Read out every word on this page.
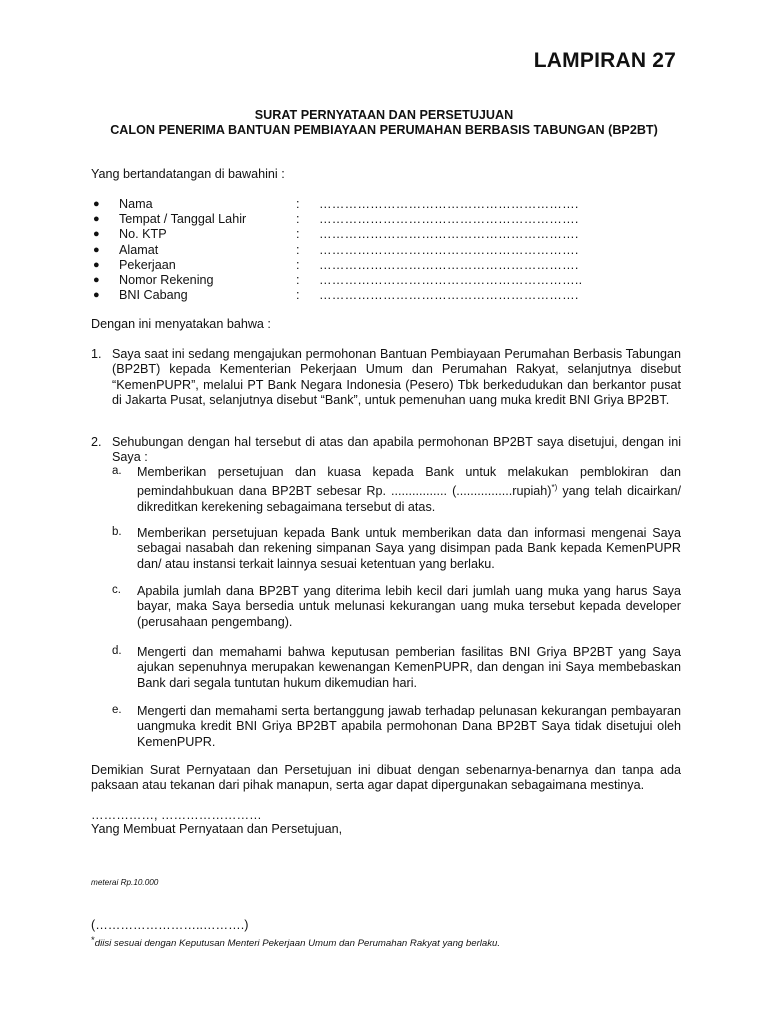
LAMPIRAN 27
SURAT PERNYATAAN DAN PERSETUJUAN
CALON PENERIMA BANTUAN PEMBIAYAAN PERUMAHAN BERBASIS TABUNGAN (BP2BT)
Yang bertandatangan di bawahini :
● Nama	: …………………………………………………….
● Tempat / Tanggal Lahir	: …………………………………………………….
● No. KTP	: …………………………………………………….
● Alamat	: …………………………………………………….
● Pekerjaan	: …………………………………………………….
● Nomor Rekening	: ……………………………………………………..
● BNI Cabang	: …………………………………………………….
Dengan ini menyatakan bahwa :
1. Saya saat ini sedang mengajukan permohonan Bantuan Pembiayaan Perumahan Berbasis Tabungan (BP2BT) kepada Kementerian Pekerjaan Umum dan Perumahan Rakyat, selanjutnya disebut “KemenPUPR”, melalui PT Bank Negara Indonesia (Pesero) Tbk berkedudukan dan berkantor pusat di Jakarta Pusat, selanjutnya disebut “Bank”, untuk pemenuhan uang muka kredit BNI Griya BP2BT.
2. Sehubungan dengan hal tersebut di atas dan apabila permohonan BP2BT saya disetujui, dengan ini Saya :
a. Memberikan persetujuan dan kuasa kepada Bank untuk melakukan pemblokiran dan pemindahbukuan dana BP2BT sebesar Rp. ................ (................rupiah)*) yang telah dicairkan/ dikreditkan kerekening sebagaimana tersebut di atas.
b. Memberikan persetujuan kepada Bank untuk memberikan data dan informasi mengenai Saya sebagai nasabah dan rekening simpanan Saya yang disimpan pada Bank kepada KemenPUPR dan/ atau instansi terkait lainnya sesuai ketentuan yang berlaku.
c. Apabila jumlah dana BP2BT yang diterima lebih kecil dari jumlah uang muka yang harus Saya bayar, maka Saya bersedia untuk melunasi kekurangan uang muka tersebut kepada developer (perusahaan pengembang).
d. Mengerti dan memahami bahwa keputusan pemberian fasilitas BNI Griya BP2BT yang Saya ajukan sepenuhnya merupakan kewenangan KemenPUPR, dan dengan ini Saya membebaskan Bank dari segala tuntutan hukum dikemudian hari.
e. Mengerti dan memahami serta bertanggung jawab terhadap pelunasan kekurangan pembayaran uangmuka kredit BNI Griya BP2BT apabila permohonan Dana BP2BT Saya tidak disetujui oleh KemenPUPR.
Demikian Surat Pernyataan dan Persetujuan ini dibuat dengan sebenarnya-benarnya dan tanpa ada paksaan atau tekanan dari pihak manapun, serta agar dapat dipergunakan sebagaimana mestinya.
……………, ……………………
Yang Membuat Pernyataan dan Persetujuan,
meterai Rp.10.000
(……………………..……….)
*diisi sesuai dengan Keputusan Menteri Pekerjaan Umum dan Perumahan Rakyat yang berlaku.
